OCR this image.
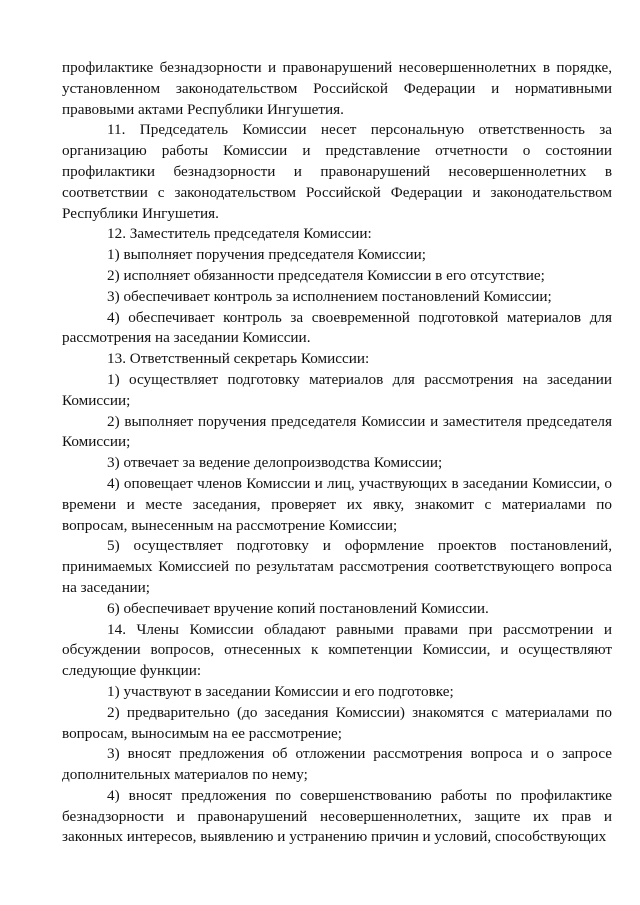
профилактике безнадзорности и правонарушений несовершеннолетних в порядке, установленном законодательством Российской Федерации и нормативными правовыми актами Республики Ингушетия.

11. Председатель Комиссии несет персональную ответственность за организацию работы Комиссии и представление отчетности о состоянии профилактики безнадзорности и правонарушений несовершеннолетних в соответствии с законодательством Российской Федерации и законодательством Республики Ингушетия.

12. Заместитель председателя Комиссии:

1) выполняет поручения председателя Комиссии;

2) исполняет обязанности председателя Комиссии в его отсутствие;

3) обеспечивает контроль за исполнением постановлений Комиссии;

4) обеспечивает контроль за своевременной подготовкой материалов для рассмотрения на заседании Комиссии.

13. Ответственный секретарь Комиссии:

1) осуществляет подготовку материалов для рассмотрения на заседании Комиссии;

2) выполняет поручения председателя Комиссии и заместителя председателя Комиссии;

3) отвечает за ведение делопроизводства Комиссии;

4) оповещает членов Комиссии и лиц, участвующих в заседании Комиссии, о времени и месте заседания, проверяет их явку, знакомит с материалами по вопросам, вынесенным на рассмотрение Комиссии;

5) осуществляет подготовку и оформление проектов постановлений, принимаемых Комиссией по результатам рассмотрения соответствующего вопроса на заседании;

6) обеспечивает вручение копий постановлений Комиссии.

14. Члены Комиссии обладают равными правами при рассмотрении и обсуждении вопросов, отнесенных к компетенции Комиссии, и осуществляют следующие функции:

1) участвуют в заседании Комиссии и его подготовке;

2) предварительно (до заседания Комиссии) знакомятся с материалами по вопросам, выносимым на ее рассмотрение;

3) вносят предложения об отложении рассмотрения вопроса и о запросе дополнительных материалов по нему;

4) вносят предложения по совершенствованию работы по профилактике безнадзорности и правонарушений несовершеннолетних, защите их прав и законных интересов, выявлению и устранению причин и условий, способствующих
